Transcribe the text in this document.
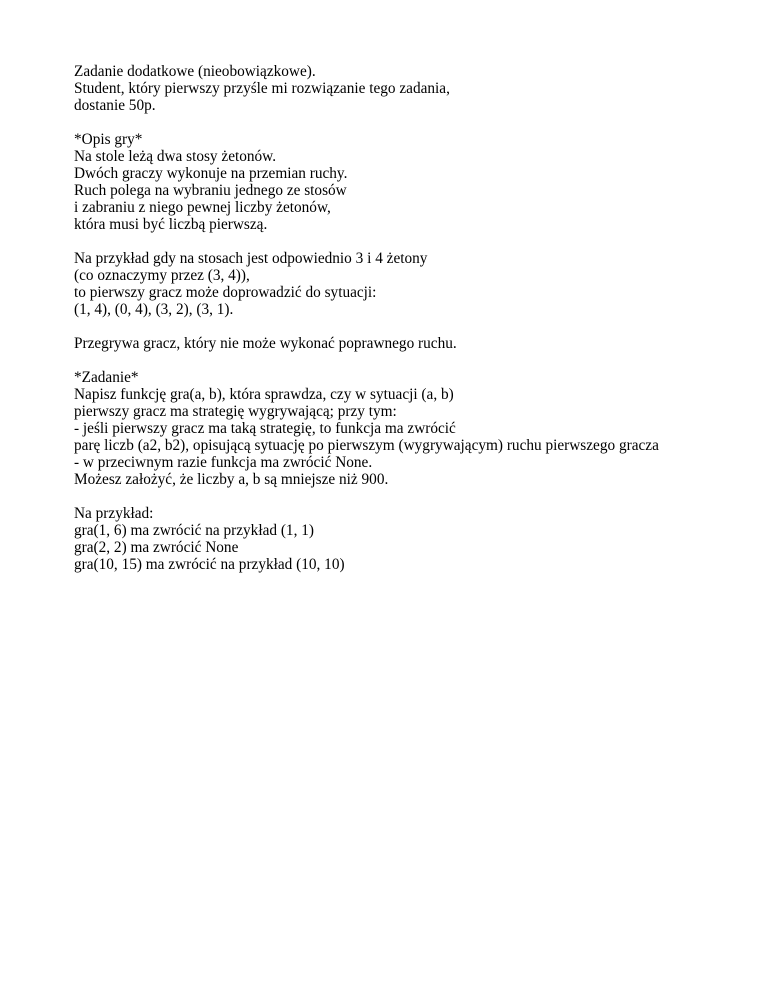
Zadanie dodatkowe (nieobowiązkowe).
Student, który pierwszy przyśle mi rozwiązanie tego zadania,
dostanie 50p.

*Opis gry*
Na stole leżą dwa stosy żetonów.
Dwóch graczy wykonuje na przemian ruchy.
Ruch polega na wybraniu jednego ze stosów
i zabraniu z niego pewnej liczby żetonów,
która musi być liczbą pierwszą.

Na przykład gdy na stosach jest odpowiednio 3 i 4 żetony
(co oznaczymy przez (3, 4)),
to pierwszy gracz może doprowadzić do sytuacji:
(1, 4), (0, 4), (3, 2), (3, 1).

Przegrywa gracz, który nie może wykonać poprawnego ruchu.

*Zadanie*
Napisz funkcję gra(a, b), która sprawdza, czy w sytuacji (a, b)
pierwszy gracz ma strategię wygrywającą; przy tym:
- jeśli pierwszy gracz ma taką strategię, to funkcja ma zwrócić
parę liczb (a2, b2), opisującą sytuację po pierwszym (wygrywającym) ruchu pierwszego gracza
- w przeciwnym razie funkcja ma zwrócić None.
Możesz założyć, że liczby a, b są mniejsze niż 900.

Na przykład:
gra(1, 6) ma zwrócić na przykład (1, 1)
gra(2, 2) ma zwrócić None
gra(10, 15) ma zwrócić na przykład (10, 10)
